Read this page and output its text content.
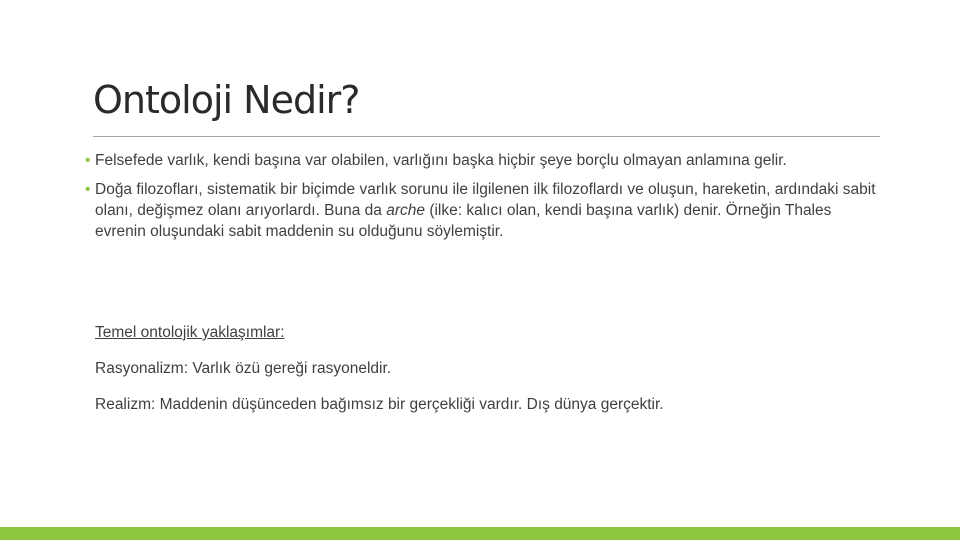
Ontoloji Nedir?

• Felsefede varlık, kendi başına var olabilen, varlığını başka hiçbir şeye borçlu olmayan anlamına gelir.

• Doğa filozofları, sistematik bir biçimde varlık sorunu ile ilgilenen ilk filozoflardı ve oluşun, hareketin, ardındaki sabit olanı, değişmez olanı arıyorlardı. Buna da arche (ilke: kalıcı olan, kendi başına varlık) denir. Örneğin Thales evrenin oluşundaki sabit maddenin su olduğunu söylemiştir.

Temel ontolojik yaklaşımlar:
Rasyonalizm: Varlık özü gereği rasyoneldir.
Realizm: Maddenin düşünceden bağımsız bir gerçekliği vardır. Dış dünya gerçektir.
